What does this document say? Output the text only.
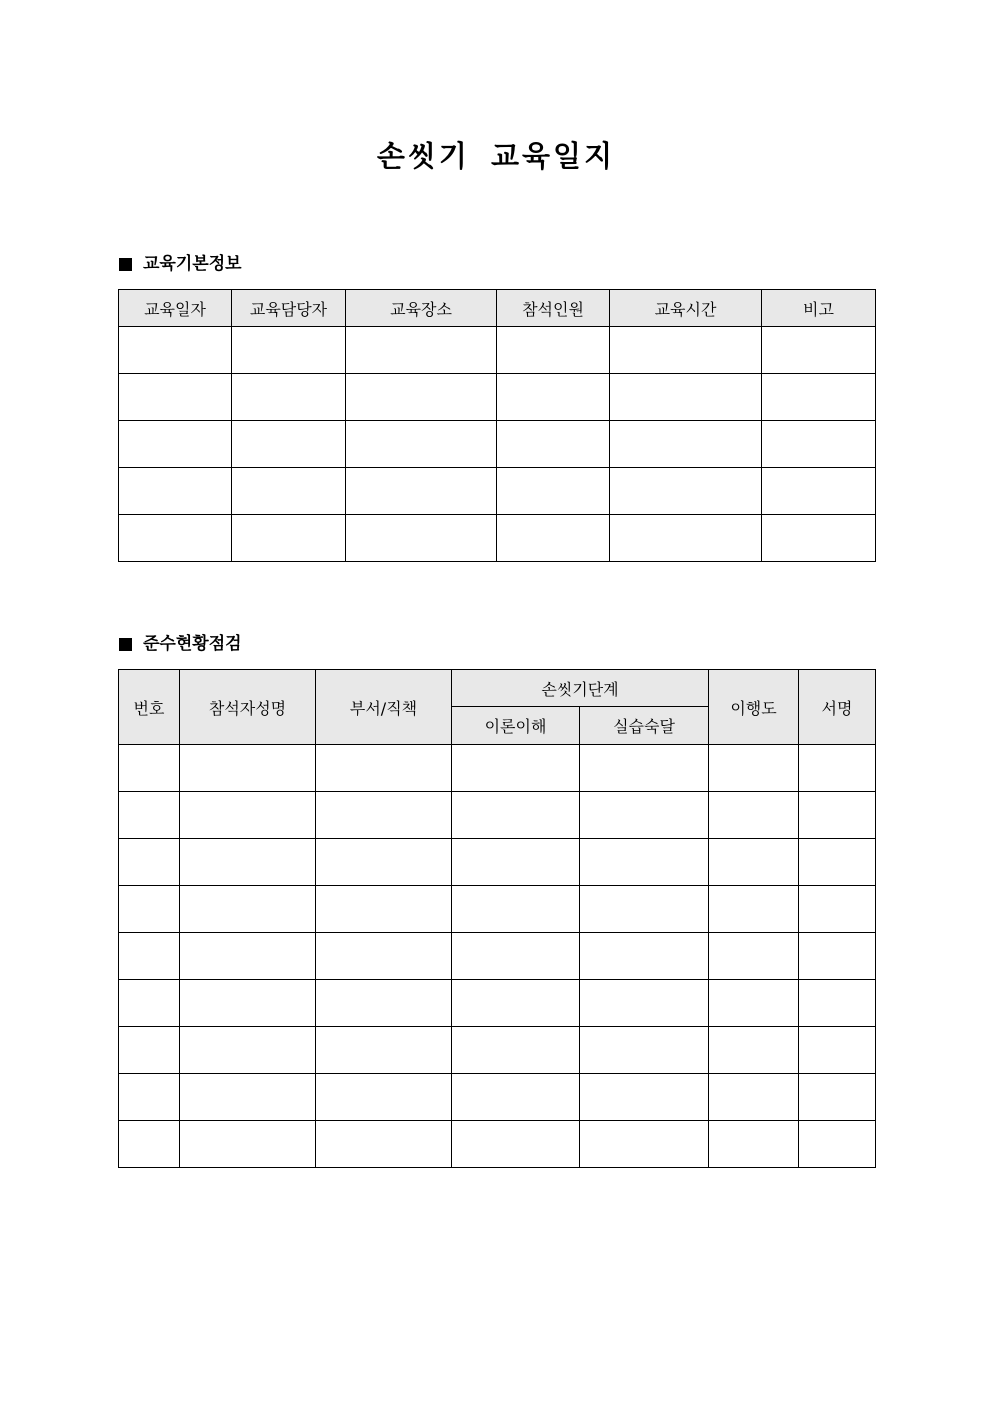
손씻기 교육일지
교육기본정보
교육일자	교육담당자	교육장소	참석인원	교육시간	비고

준수현황점검
번호	참석자성명	부서/직책	손씻기단계		이행도	서명
			이론이해	실습숙달		
